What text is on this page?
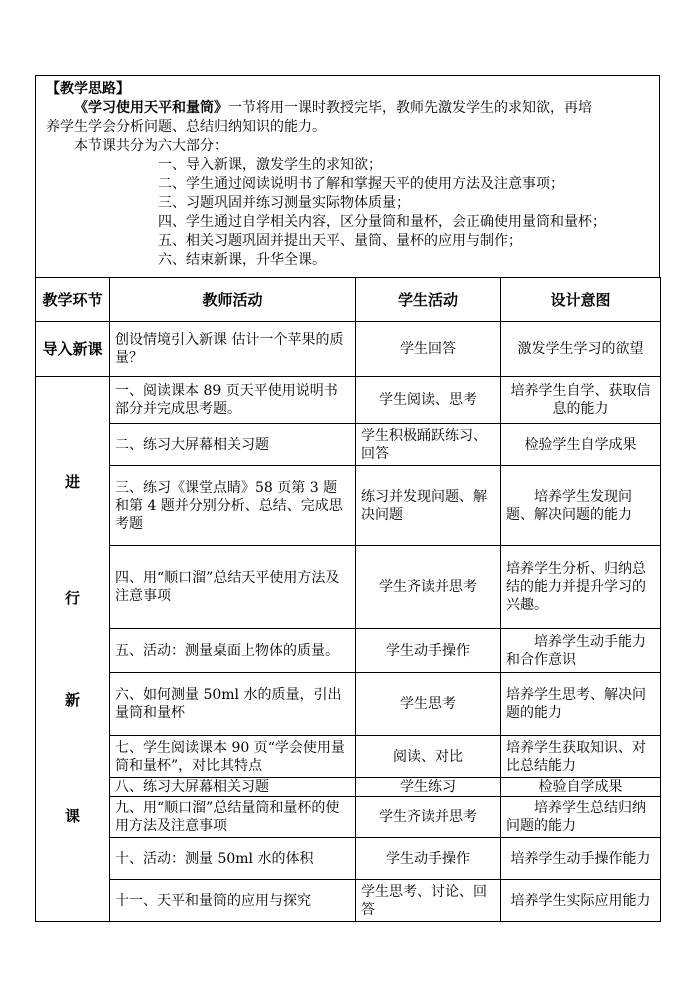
【教学思路】
《学习使用天平和量筒》一节将用一课时教授完毕，教师先激发学生的求知欲，再培
养学生学会分析问题、总结归纳知识的能力。
本节课共分为六大部分：
一、导入新课，激发学生的求知欲；
二、学生通过阅读说明书了解和掌握天平的使用方法及注意事项；
三、习题巩固并练习测量实际物体质量；
四、学生通过自学相关内容，区分量筒和量杯，会正确使用量筒和量杯；
五、相关习题巩固并提出天平、量筒、量杯的应用与制作；
六、结束新课，升华全课。
教学环节	教师活动	学生活动	设计意图
导入新课	创设情境引入新课 估计一个苹果的质量？	学生回答	激发学生学习的欲望

进
行
新
课	一、阅读课本 89 页天平使用说明书部分并完成思考题。	学生阅读、思考	培养学生自学、获取信息的能力
	二、练习大屏幕相关习题	学生积极踊跃练习、回答	检验学生自学成果
	三、练习《课堂点睛》58 页第 3 题和第 4 题并分别分析、总结、完成思考题	练习并发现问题、解决问题	培养学生发现问题、解决问题的能力
	四、用“顺口溜”总结天平使用方法及注意事项	学生齐读并思考	培养学生分析、归纳总结的能力并提升学习的兴趣。
	五、活动：测量桌面上物体的质量。	学生动手操作	培养学生动手能力和合作意识
	六、如何测量 50ml 水的质量，引出量筒和量杯	学生思考	培养学生思考、解决问题的能力
	七、学生阅读课本 90 页“学会使用量筒和量杯”，对比其特点	阅读、对比	培养学生获取知识、对比总结能力
	八、练习大屏幕相关习题	学生练习	检验自学成果
	九、用“顺口溜”总结量筒和量杯的使用方法及注意事项	学生齐读并思考	培养学生总结归纳问题的能力
	十、活动：测量 50ml 水的体积	学生动手操作	培养学生动手操作能力
	十一、天平和量筒的应用与探究	学生思考、讨论、回答	培养学生实际应用能力
